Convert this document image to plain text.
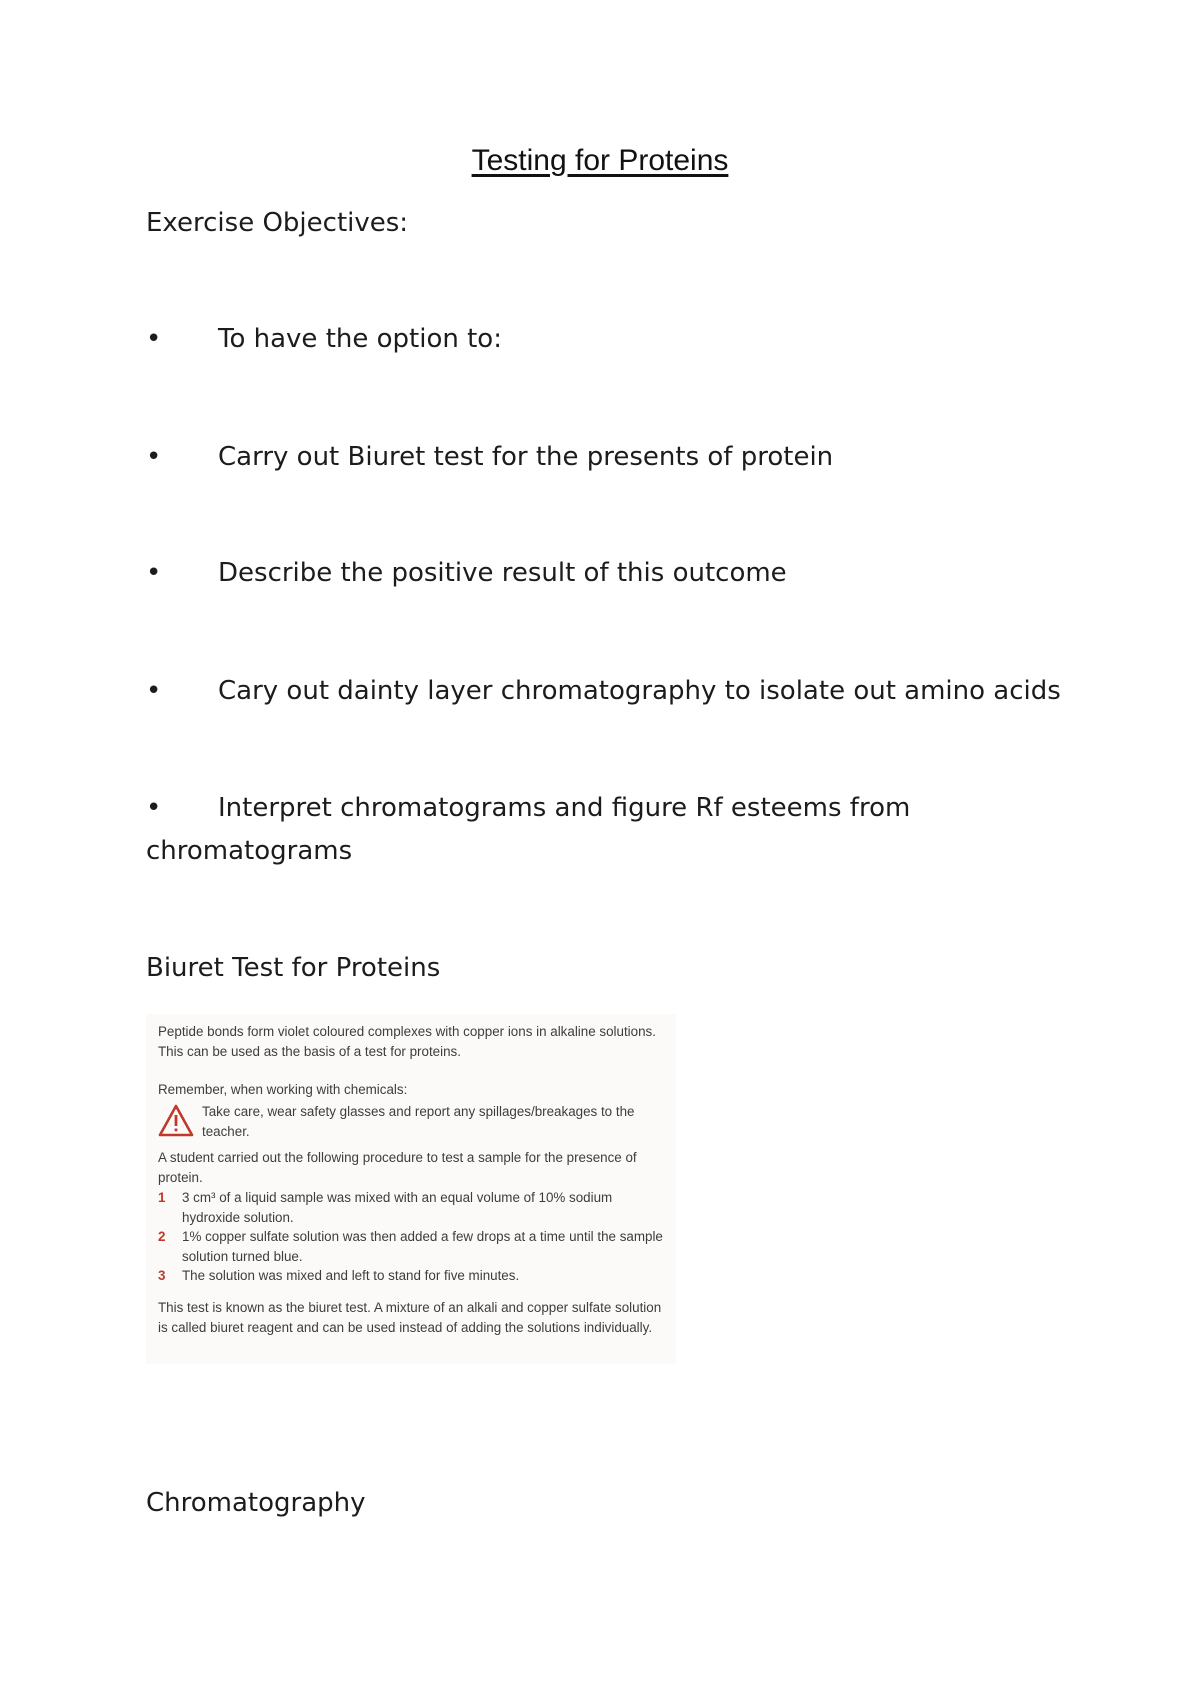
Testing for Proteins
Exercise Objectives:
• To have the option to:
• Carry out Biuret test for the presents of protein
• Describe the positive result of this outcome
• Cary out dainty layer chromatography to isolate out amino acids
• Interpret chromatograms and figure Rf esteems from
chromatograms
Biuret Test for Proteins
Peptide bonds form violet coloured complexes with copper ions in alkaline solutions. This can be used as the basis of a test for proteins.
Remember, when working with chemicals:
Take care, wear safety glasses and report any spillages/breakages to the teacher.
A student carried out the following procedure to test a sample for the presence of protein.
1	3 cm³ of a liquid sample was mixed with an equal volume of 10% sodium hydroxide solution.
2	1% copper sulfate solution was then added a few drops at a time until the sample solution turned blue.
3	The solution was mixed and left to stand for five minutes.
This test is known as the biuret test. A mixture of an alkali and copper sulfate solution is called biuret reagent and can be used instead of adding the solutions individually.
Chromatography
